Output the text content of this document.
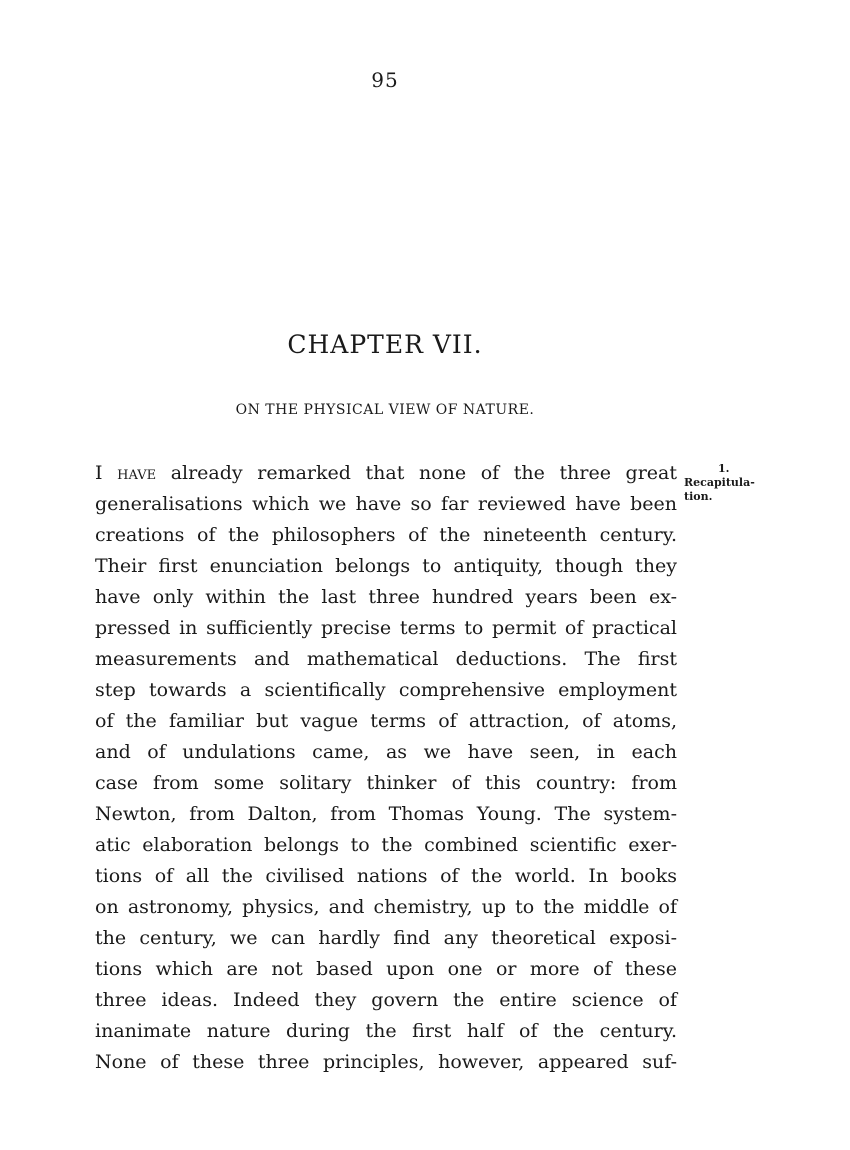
95
CHAPTER VII.
ON THE PHYSICAL VIEW OF NATURE.
1.
Recapitula-
tion.
I have already remarked that none of the three great
generalisations which we have so far reviewed have been
creations of the philosophers of the nineteenth century.
Their first enunciation belongs to antiquity, though they
have only within the last three hundred years been ex-
pressed in sufficiently precise terms to permit of practical
measurements and mathematical deductions. The first
step towards a scientifically comprehensive employment
of the familiar but vague terms of attraction, of atoms,
and of undulations came, as we have seen, in each
case from some solitary thinker of this country: from
Newton, from Dalton, from Thomas Young. The system-
atic elaboration belongs to the combined scientific exer-
tions of all the civilised nations of the world. In books
on astronomy, physics, and chemistry, up to the middle of
the century, we can hardly find any theoretical exposi-
tions which are not based upon one or more of these
three ideas. Indeed they govern the entire science of
inanimate nature during the first half of the century.
None of these three principles, however, appeared suf-
